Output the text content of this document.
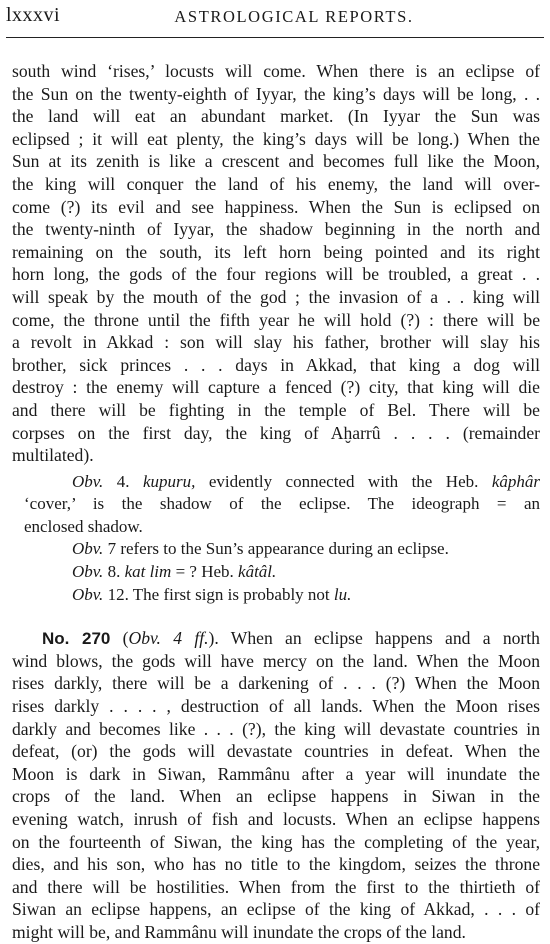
lxxxvi	ASTROLOGICAL REPORTS.
south wind ‘rises,’ locusts will come. When there is an eclipse of
the Sun on the twenty-eighth of Iyyar, the king’s days will be long, . .
the land will eat an abundant market. (In Iyyar the Sun was
eclipsed ; it will eat plenty, the king’s days will be long.) When the
Sun at its zenith is like a crescent and becomes full like the Moon,
the king will conquer the land of his enemy, the land will over-
come (?) its evil and see happiness. When the Sun is eclipsed on
the twenty-ninth of Iyyar, the shadow beginning in the north and
remaining on the south, its left horn being pointed and its right
horn long, the gods of the four regions will be troubled, a great . .
will speak by the mouth of the god ; the invasion of a . . king will
come, the throne until the fifth year he will hold (?) : there will be
a revolt in Akkad : son will slay his father, brother will slay his
brother, sick princes . . . days in Akkad, that king a dog will
destroy : the enemy will capture a fenced (?) city, that king will die
and there will be fighting in the temple of Bel. There will be
corpses on the first day, the king of Aḫarrû . . . . (remainder
multilated).
Obv. 4. kupuru, evidently connected with the Heb. kâphâr
‘cover,’ is the shadow of the eclipse. The ideograph = an
enclosed shadow.
Obv. 7 refers to the Sun’s appearance during an eclipse.
Obv. 8. kat lim = ? Heb. kâtâl.
Obv. 12. The first sign is probably not lu.
No. 270 (Obv. 4 ff.). When an eclipse happens and a north
wind blows, the gods will have mercy on the land. When the Moon
rises darkly, there will be a darkening of . . . (?) When the Moon
rises darkly . . . . , destruction of all lands. When the Moon rises
darkly and becomes like . . . (?), the king will devastate countries in
defeat, (or) the gods will devastate countries in defeat. When the
Moon is dark in Siwan, Rammânu after a year will inundate the
crops of the land. When an eclipse happens in Siwan in the
evening watch, inrush of fish and locusts. When an eclipse happens
on the fourteenth of Siwan, the king has the completing of the year,
dies, and his son, who has no title to the kingdom, seizes the throne
and there will be hostilities. When from the first to the thirtieth of
Siwan an eclipse happens, an eclipse of the king of Akkad, . . . of
might will be, and Rammânu will inundate the crops of the land.
